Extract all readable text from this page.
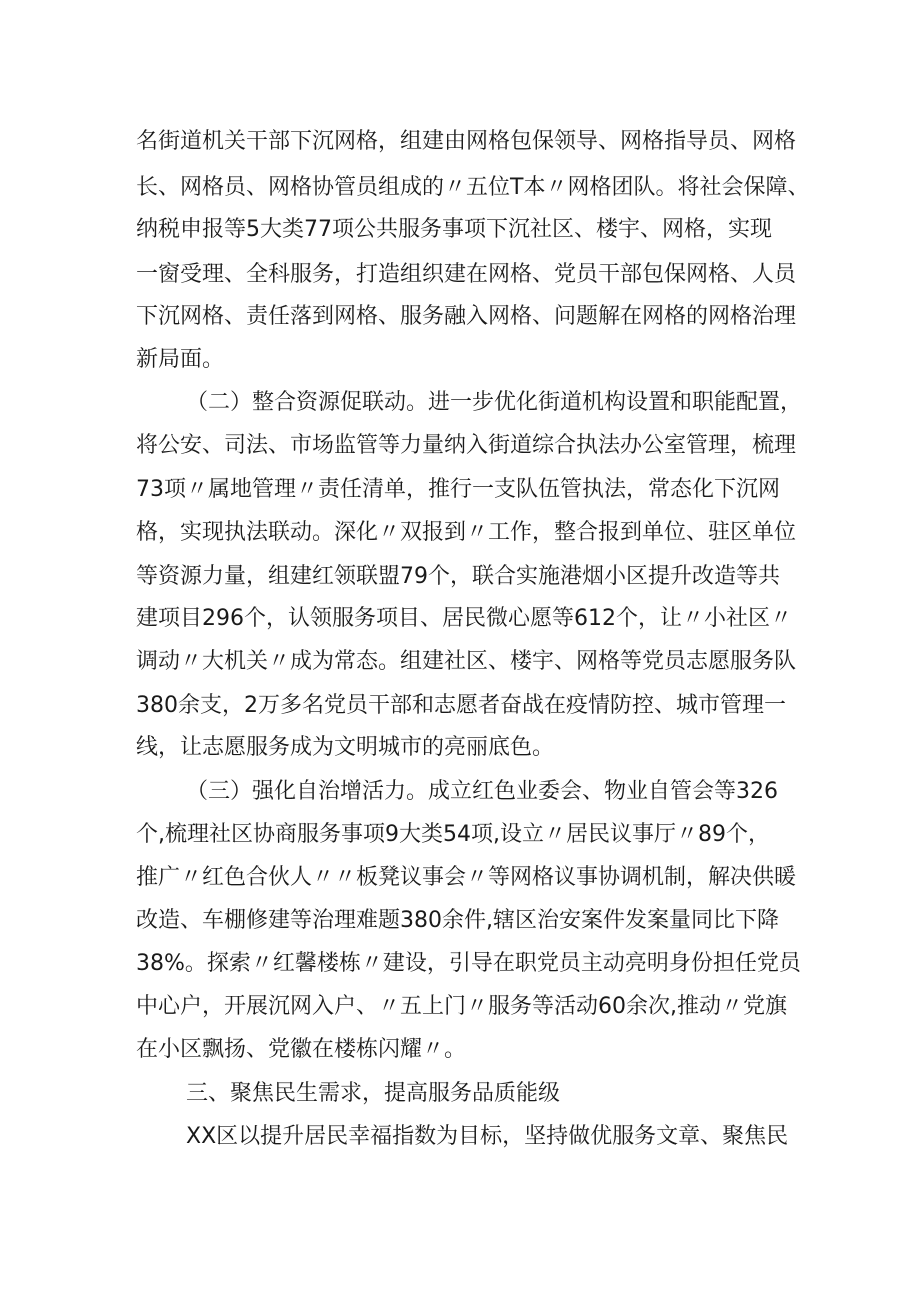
名街道机关干部下沉网格，组建由网格包保领导、网格指导员、网格
长、网格员、网格协管员组成的〃五位T本〃网格团队。将社会保障、
纳税申报等5大类77项公共服务事项下沉社区、楼宇、网格，实现
一窗受理、全科服务，打造组织建在网格、党员干部包保网格、人员
下沉网格、责任落到网格、服务融入网格、问题解在网格的网格治理
新局面。
（二）整合资源促联动。进一步优化街道机构设置和职能配置，
将公安、司法、市场监管等力量纳入街道综合执法办公室管理，梳理
73项〃属地管理〃责任清单，推行一支队伍管执法，常态化下沉网
格，实现执法联动。深化〃双报到〃工作，整合报到单位、驻区单位
等资源力量，组建红领联盟79个，联合实施港烟小区提升改造等共
建项目296个，认领服务项目、居民微心愿等612个，让〃小社区〃
调动〃大机关〃成为常态。组建社区、楼宇、网格等党员志愿服务队
380余支，2万多名党员干部和志愿者奋战在疫情防控、城市管理一
线，让志愿服务成为文明城市的亮丽底色。
（三）强化自治增活力。成立红色业委会、物业自管会等326
个,梳理社区协商服务事项9大类54项,设立〃居民议事厅〃89个，
推广〃红色合伙人〃〃板凳议事会〃等网格议事协调机制，解决供暖
改造、车棚修建等治理难题380余件,辖区治安案件发案量同比下降
38%。探索〃红馨楼栋〃建设，引导在职党员主动亮明身份担任党员
中心户，开展沉网入户、〃五上门〃服务等活动60余次,推动〃党旗
在小区飘扬、党徽在楼栋闪耀〃。
三、聚焦民生需求，提高服务品质能级
XX区以提升居民幸福指数为目标，坚持做优服务文章、聚焦民
